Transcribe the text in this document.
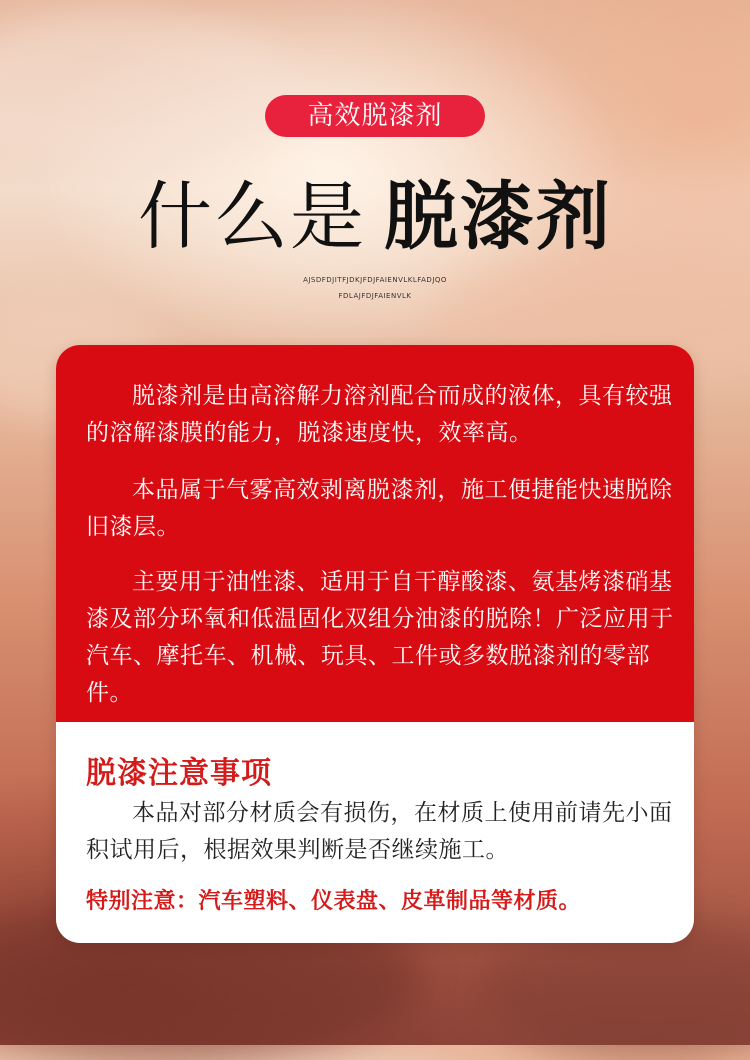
高效脱漆剂
什么是 脱漆剂
AJSDFDJITFJDKJFDJFAIENVLKLFADJQO
FDLAJFDJFAIENVLK
脱漆剂是由高溶解力溶剂配合而成的液体，具有较强的溶解漆膜的能力，脱漆速度快，效率高。
本品属于气雾高效剥离脱漆剂，施工便捷能快速脱除旧漆层。
主要用于油性漆、适用于自干醇酸漆、氨基烤漆硝基漆及部分环氧和低温固化双组分油漆的脱除！广泛应用于汽车、摩托车、机械、玩具、工件或多数脱漆剂的零部件。
脱漆注意事项
本品对部分材质会有损伤，在材质上使用前请先小面积试用后，根据效果判断是否继续施工。
特别注意：汽车塑料、仪表盘、皮革制品等材质。
